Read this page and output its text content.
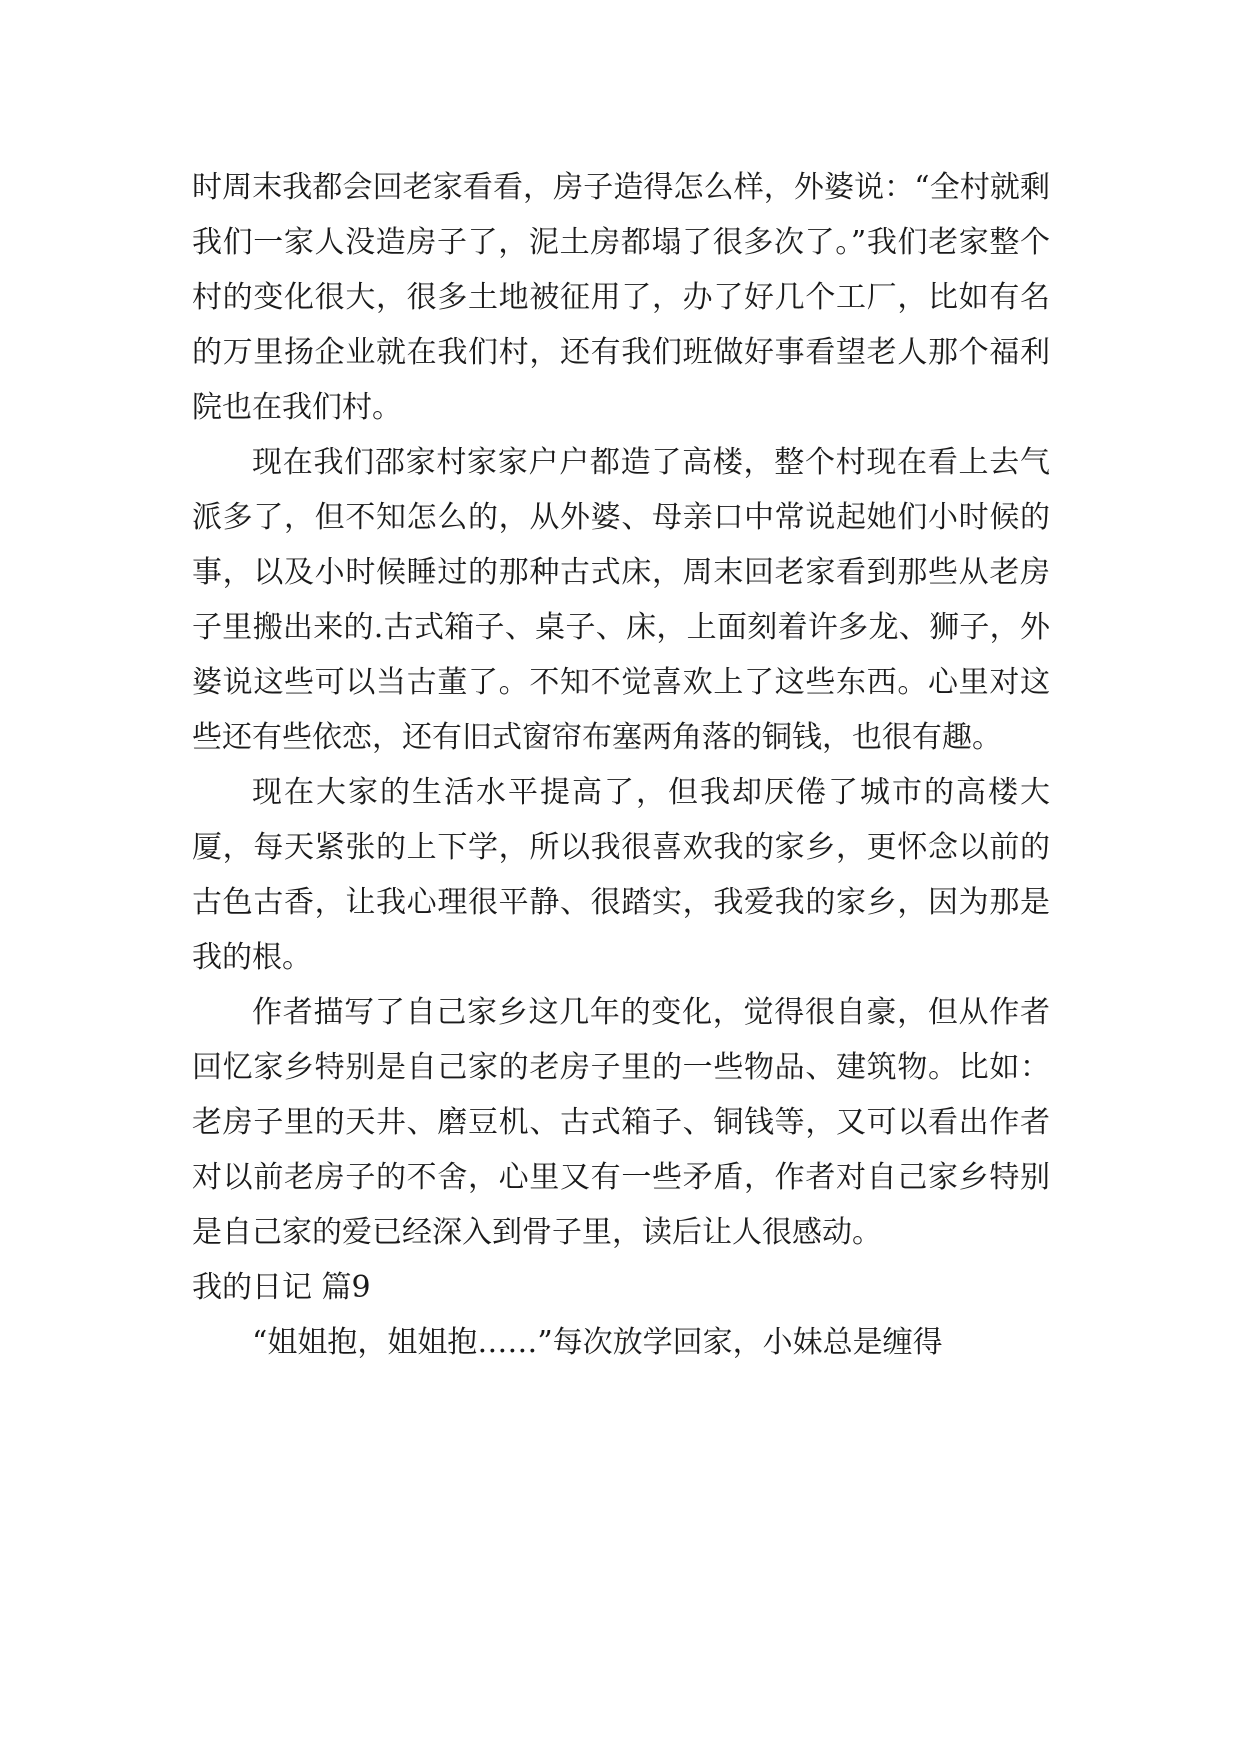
时周末我都会回老家看看，房子造得怎么样，外婆说：“全村就剩我们一家人没造房子了，泥土房都塌了很多次了。”我们老家整个村的变化很大，很多土地被征用了，办了好几个工厂，比如有名的万里扬企业就在我们村，还有我们班做好事看望老人那个福利院也在我们村。

现在我们邵家村家家户户都造了高楼，整个村现在看上去气派多了，但不知怎么的，从外婆、母亲口中常说起她们小时候的事，以及小时候睡过的那种古式床，周末回老家看到那些从老房子里搬出来的.古式箱子、桌子、床，上面刻着许多龙、狮子，外婆说这些可以当古董了。不知不觉喜欢上了这些东西。心里对这些还有些依恋，还有旧式窗帘布塞两角落的铜钱，也很有趣。

现在大家的生活水平提高了，但我却厌倦了城市的高楼大厦，每天紧张的上下学，所以我很喜欢我的家乡，更怀念以前的古色古香，让我心理很平静、很踏实，我爱我的家乡，因为那是我的根。

作者描写了自己家乡这几年的变化，觉得很自豪，但从作者回忆家乡特别是自己家的老房子里的一些物品、建筑物。比如：老房子里的天井、磨豆机、古式箱子、铜钱等，又可以看出作者对以前老房子的不舍，心里又有一些矛盾，作者对自己家乡特别是自己家的爱已经深入到骨子里，读后让人很感动。

我的日记 篇9

“姐姐抱，姐姐抱……”每次放学回家，小妹总是缠得
